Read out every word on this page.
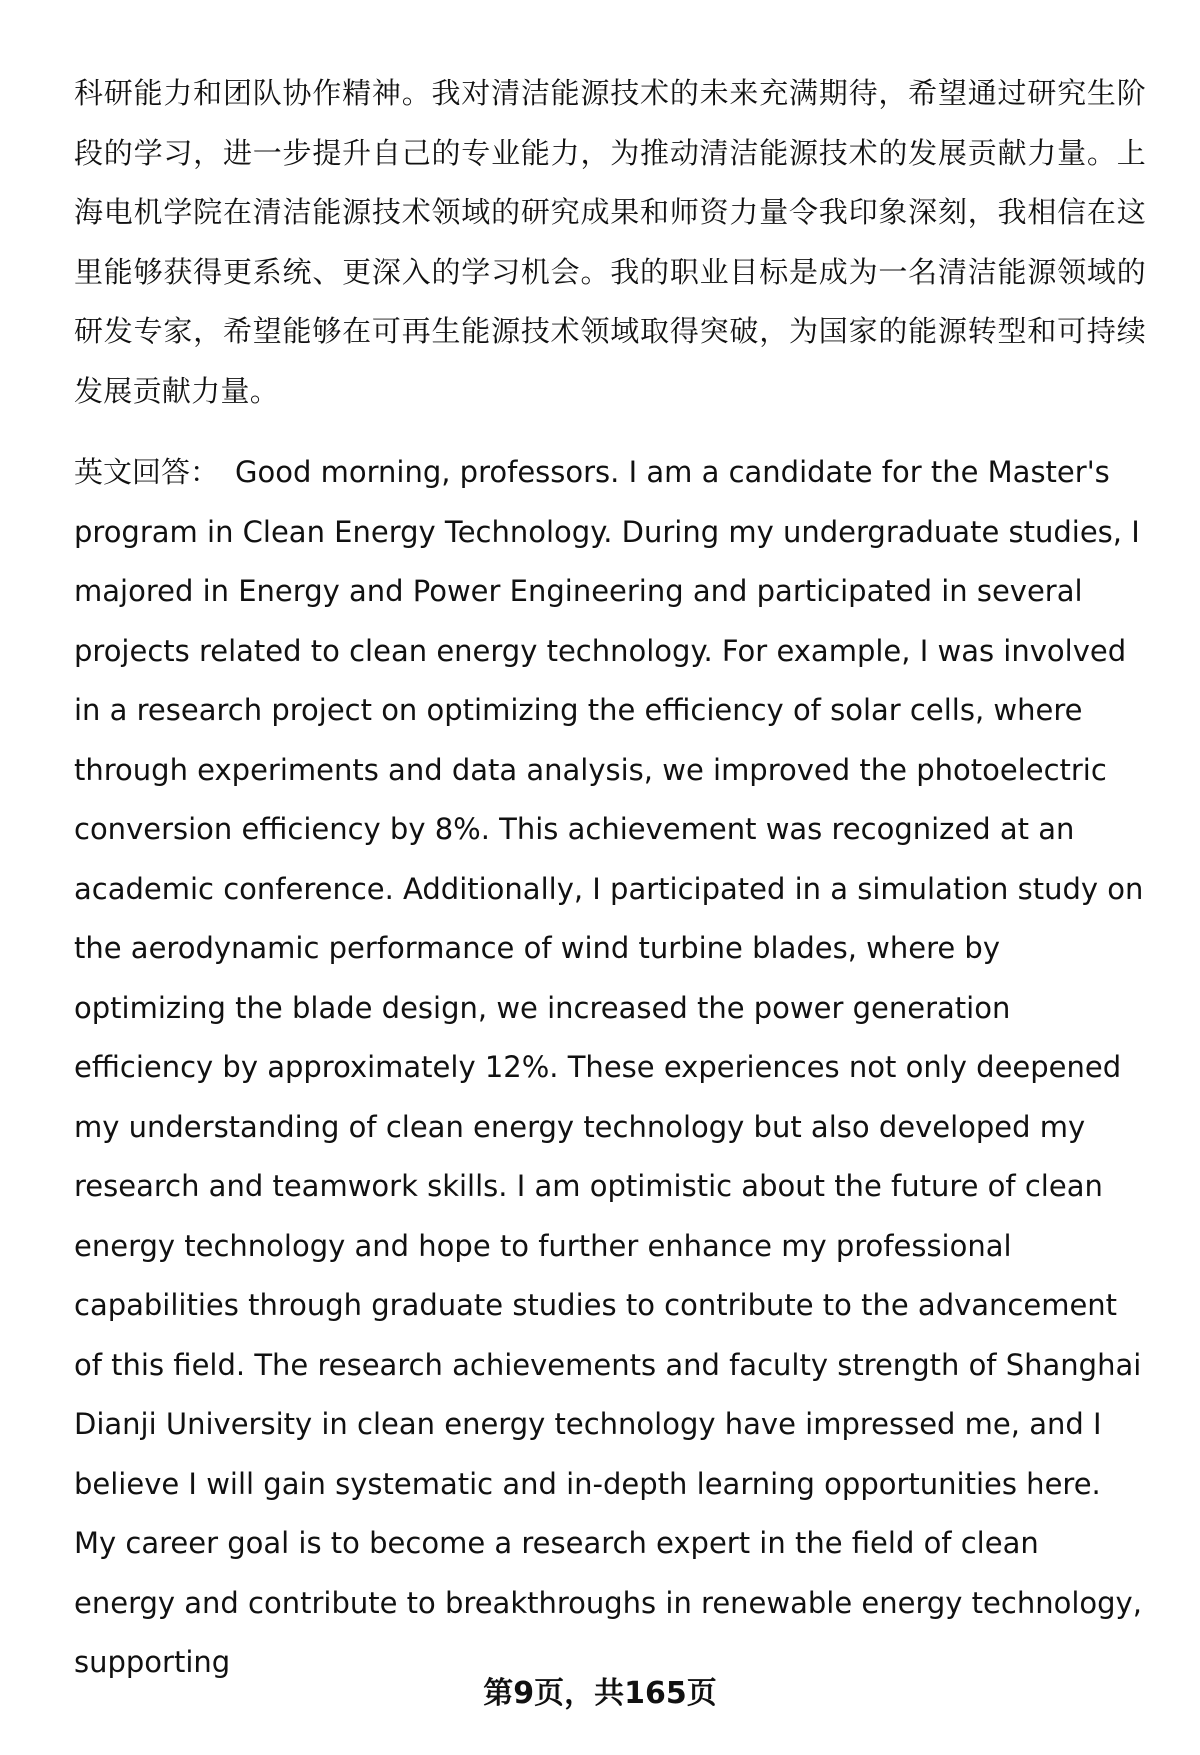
科研能力和团队协作精神。我对清洁能源技术的未来充满期待，希望通过研究生阶段的学习，进一步提升自己的专业能力，为推动清洁能源技术的发展贡献力量。上海电机学院在清洁能源技术领域的研究成果和师资力量令我印象深刻，我相信在这里能够获得更系统、更深入的学习机会。我的职业目标是成为一名清洁能源领域的研发专家，希望能够在可再生能源技术领域取得突破，为国家的能源转型和可持续发展贡献力量。

英文回答： Good morning, professors. I am a candidate for the Master's program in Clean Energy Technology. During my undergraduate studies, I majored in Energy and Power Engineering and participated in several projects related to clean energy technology. For example, I was involved in a research project on optimizing the efficiency of solar cells, where through experiments and data analysis, we improved the photoelectric conversion efficiency by 8%. This achievement was recognized at an academic conference. Additionally, I participated in a simulation study on the aerodynamic performance of wind turbine blades, where by optimizing the blade design, we increased the power generation efficiency by approximately 12%. These experiences not only deepened my understanding of clean energy technology but also developed my research and teamwork skills. I am optimistic about the future of clean energy technology and hope to further enhance my professional capabilities through graduate studies to contribute to the advancement of this field. The research achievements and faculty strength of Shanghai Dianji University in clean energy technology have impressed me, and I believe I will gain systematic and in-depth learning opportunities here. My career goal is to become a research expert in the field of clean energy and contribute to breakthroughs in renewable energy technology, supporting

第9页，共165页
